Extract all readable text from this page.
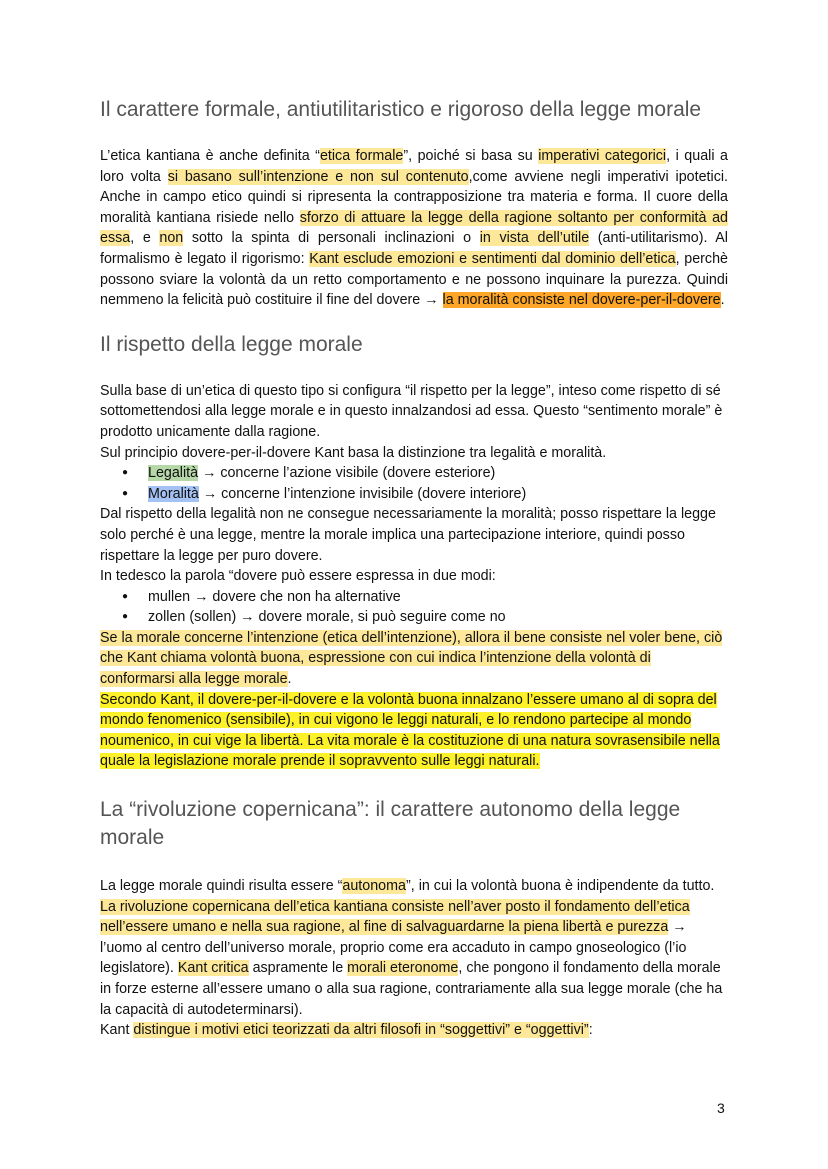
Il carattere formale, antiutilitaristico e rigoroso della legge morale

L’etica kantiana è anche definita “etica formale”, poiché si basa su imperativi categorici, i quali a loro volta si basano sull’intenzione e non sul contenuto,come avviene negli imperativi ipotetici. Anche in campo etico quindi si ripresenta la contrapposizione tra materia e forma. Il cuore della moralità kantiana risiede nello sforzo di attuare la legge della ragione soltanto per conformità ad essa, e non sotto la spinta di personali inclinazioni o in vista dell’utile (anti-utilitarismo). Al formalismo è legato il rigorismo: Kant esclude emozioni e sentimenti dal dominio dell’etica, perchè possono sviare la volontà da un retto comportamento e ne possono inquinare la purezza. Quindi nemmeno la felicità può costituire il fine del dovere → la moralità consiste nel dovere-per-il-dovere.

Il rispetto della legge morale

Sulla base di un’etica di questo tipo si configura “il rispetto per la legge”, inteso come rispetto di sé sottomettendosi alla legge morale e in questo innalzandosi ad essa. Questo “sentimento morale” è prodotto unicamente dalla ragione.

Sul principio dovere-per-il-dovere Kant basa la distinzione tra legalità e moralità.

● Legalità → concerne l’azione visibile (dovere esteriore)
● Moralità → concerne l’intenzione invisibile (dovere interiore)

Dal rispetto della legalità non ne consegue necessariamente la moralità; posso rispettare la legge solo perché è una legge, mentre la morale implica una partecipazione interiore, quindi posso rispettare la legge per puro dovere.

In tedesco la parola “dovere può essere espressa in due modi:

● mullen → dovere che non ha alternative
● zollen (sollen) → dovere morale, si può seguire come no

Se la morale concerne l’intenzione (etica dell’intenzione), allora il bene consiste nel voler bene, ciò che Kant chiama volontà buona, espressione con cui indica l’intenzione della volontà di conformarsi alla legge morale.

Secondo Kant, il dovere-per-il-dovere e la volontà buona innalzano l’essere umano al di sopra del mondo fenomenico (sensibile), in cui vigono le leggi naturali, e lo rendono partecipe al mondo noumenico, in cui vige la libertà. La vita morale è la costituzione di una natura sovrasensibile nella quale la legislazione morale prende il sopravvento sulle leggi naturali.

La “rivoluzione copernicana”: il carattere autonomo della legge morale

La legge morale quindi risulta essere “autonoma”, in cui la volontà buona è indipendente da tutto. La rivoluzione copernicana dell’etica kantiana consiste nell’aver posto il fondamento dell’etica nell’essere umano e nella sua ragione, al fine di salvaguardarne la piena libertà e purezza → l’uomo al centro dell’universo morale, proprio come era accaduto in campo gnoseologico (l’io legislatore). Kant critica aspramente le morali eteronome, che pongono il fondamento della morale in forze esterne all’essere umano o alla sua ragione, contrariamente alla sua legge morale (che ha la capacità di autodeterminarsi).

Kant distingue i motivi etici teorizzati da altri filosofi in “soggettivi” e “oggettivi”:

3
